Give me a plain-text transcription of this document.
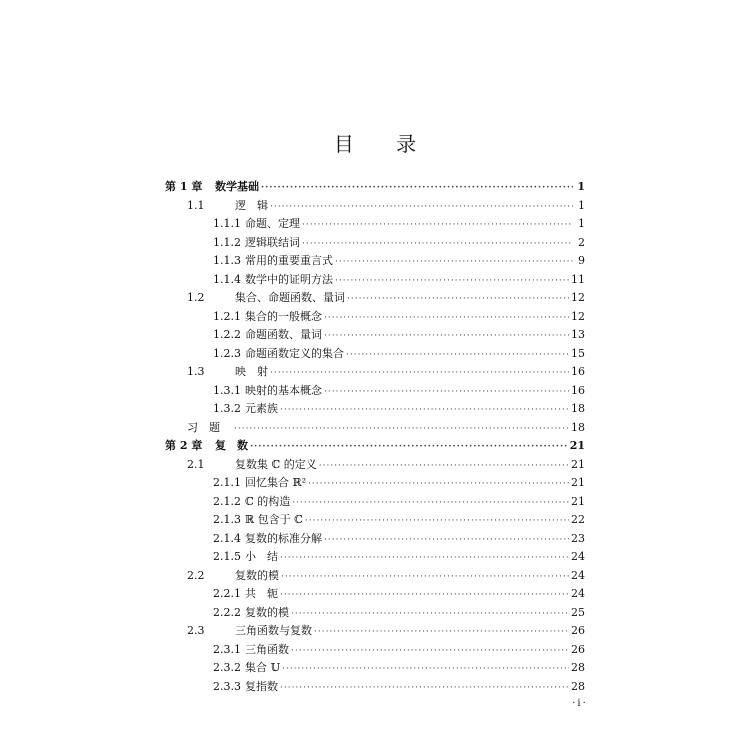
目 录
第 1 章	数学基础 ·····	1
1.1	逻　辑 ·····	1
1.1.1 命题、定理 ·····	1
1.1.2 逻辑联结词 ·····	2
1.1.3 常用的重要重言式 ·····	9
1.1.4 数学中的证明方法 ·····	11
1.2	集合、命题函数、量词 ·····	12
1.2.1 集合的一般概念 ·····	12
1.2.2 命题函数、量词 ·····	13
1.2.3 命题函数定义的集合 ·····	15
1.3	映　射 ·····	16
1.3.1 映射的基本概念 ·····	16
1.3.2 元素族 ·····	18
习　题 ·····	18
第 2 章	复　数 ·····	21
2.1	复数集 ℂ 的定义 ·····	21
2.1.1 回忆集合 ℝ² ·····	21
2.1.2 ℂ 的构造 ·····	21
2.1.3 ℝ 包含于 ℂ ·····	22
2.1.4 复数的标准分解 ·····	23
2.1.5 小　结 ·····	24
2.2	复数的模 ·····	24
2.2.1 共　轭 ·····	24
2.2.2 复数的模 ·····	25
2.3	三角函数与复数 ·····	26
2.3.1 三角函数 ·····	26
2.3.2 集合 𝕌 ·····	28
2.3.3 复指数 ·····	28
·i·
